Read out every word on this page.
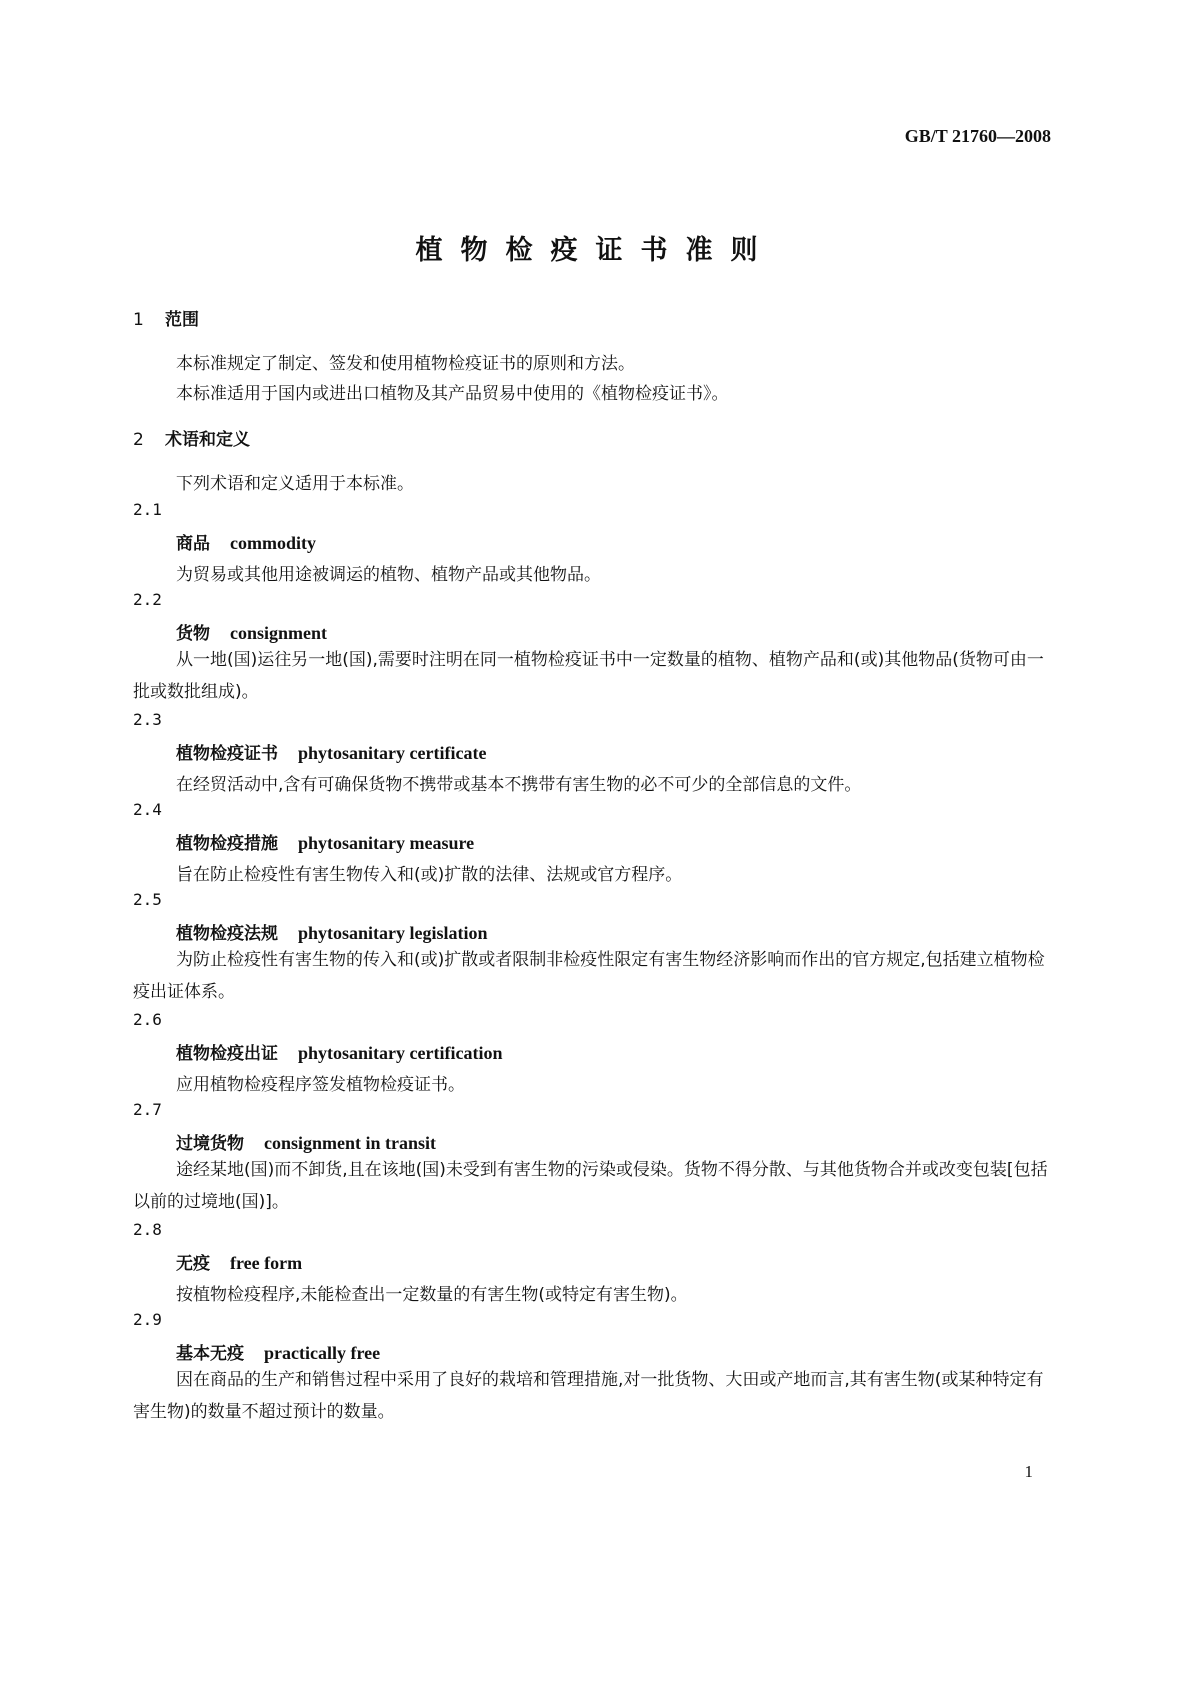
GB/T 21760—2008
植物检疫证书准则
1 范围
本标准规定了制定、签发和使用植物检疫证书的原则和方法。
本标准适用于国内或进出口植物及其产品贸易中使用的《植物检疫证书》。
2 术语和定义
下列术语和定义适用于本标准。
2.1
商品 commodity
为贸易或其他用途被调运的植物、植物产品或其他物品。
2.2
货物 consignment
从一地(国)运往另一地(国),需要时注明在同一植物检疫证书中一定数量的植物、植物产品和(或)其他物品(货物可由一批或数批组成)。
2.3
植物检疫证书 phytosanitary certificate
在经贸活动中,含有可确保货物不携带或基本不携带有害生物的必不可少的全部信息的文件。
2.4
植物检疫措施 phytosanitary measure
旨在防止检疫性有害生物传入和(或)扩散的法律、法规或官方程序。
2.5
植物检疫法规 phytosanitary legislation
为防止检疫性有害生物的传入和(或)扩散或者限制非检疫性限定有害生物经济影响而作出的官方规定,包括建立植物检疫出证体系。
2.6
植物检疫出证 phytosanitary certification
应用植物检疫程序签发植物检疫证书。
2.7
过境货物 consignment in transit
途经某地(国)而不卸货,且在该地(国)未受到有害生物的污染或侵染。货物不得分散、与其他货物合并或改变包装[包括以前的过境地(国)]。
2.8
无疫 free form
按植物检疫程序,未能检查出一定数量的有害生物(或特定有害生物)。
2.9
基本无疫 practically free
因在商品的生产和销售过程中采用了良好的栽培和管理措施,对一批货物、大田或产地而言,其有害生物(或某种特定有害生物)的数量不超过预计的数量。
1
